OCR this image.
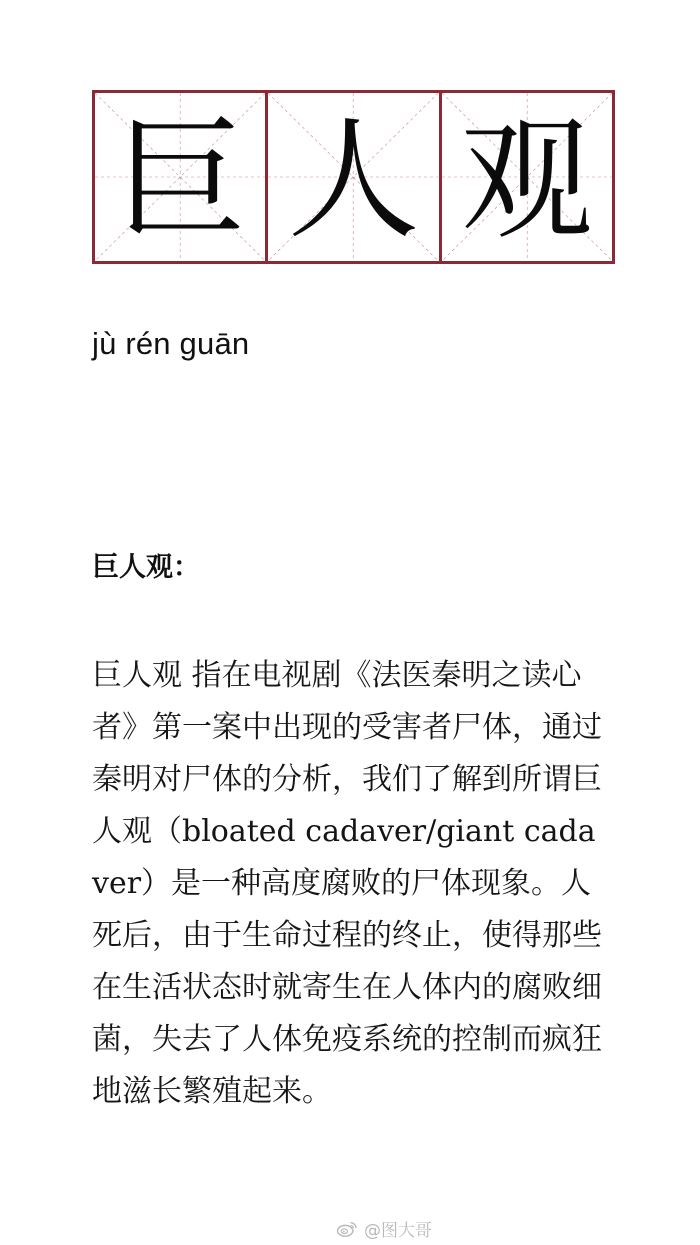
巨 人 观

jù rén guān

巨人观：

巨人观 指在电视剧《法医秦明之读心者》第一案中出现的受害者尸体，通过秦明对尸体的分析，我们了解到所谓巨人观（bloated cadaver/giant cadaver）是一种高度腐败的尸体现象。人死后，由于生命过程的终止，使得那些在生活状态时就寄生在人体内的腐败细菌，失去了人体免疫系统的控制而疯狂地滋长繁殖起来。

@图大哥
